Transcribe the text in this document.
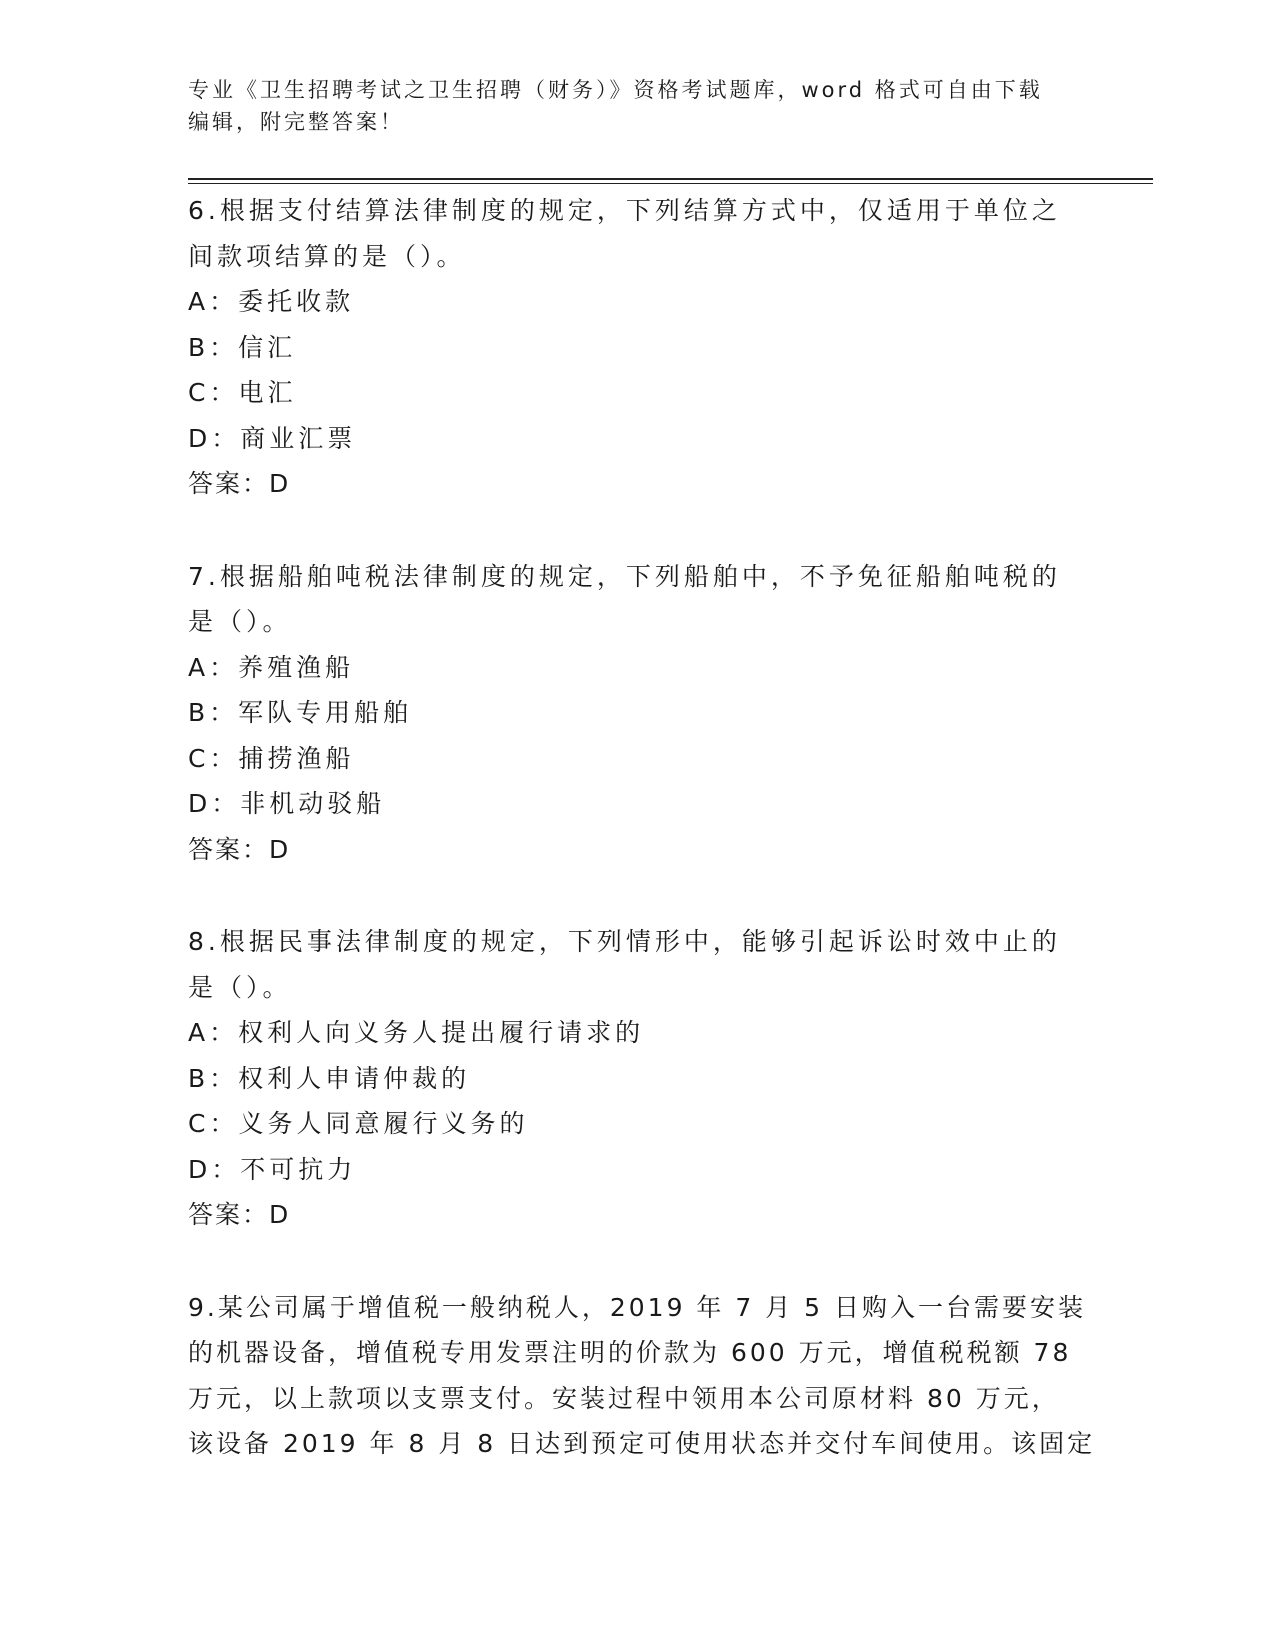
专业《卫生招聘考试之卫生招聘（财务）》资格考试题库，word 格式可自由下载
编辑，附完整答案！
6.根据支付结算法律制度的规定，下列结算方式中，仅适用于单位之
间款项结算的是（）。
A：委托收款
B：信汇
C：电汇
D：商业汇票
答案：D
7.根据船舶吨税法律制度的规定，下列船舶中，不予免征船舶吨税的
是（）。
A：养殖渔船
B：军队专用船舶
C：捕捞渔船
D：非机动驳船
答案：D
8.根据民事法律制度的规定，下列情形中，能够引起诉讼时效中止的
是（）。
A：权利人向义务人提出履行请求的
B：权利人申请仲裁的
C：义务人同意履行义务的
D：不可抗力
答案：D
9.某公司属于增值税一般纳税人，2019 年 7 月 5 日购入一台需要安装
的机器设备，增值税专用发票注明的价款为 600 万元，增值税税额 78
万元，以上款项以支票支付。安装过程中领用本公司原材料 80 万元，
该设备 2019 年 8 月 8 日达到预定可使用状态并交付车间使用。该固定
